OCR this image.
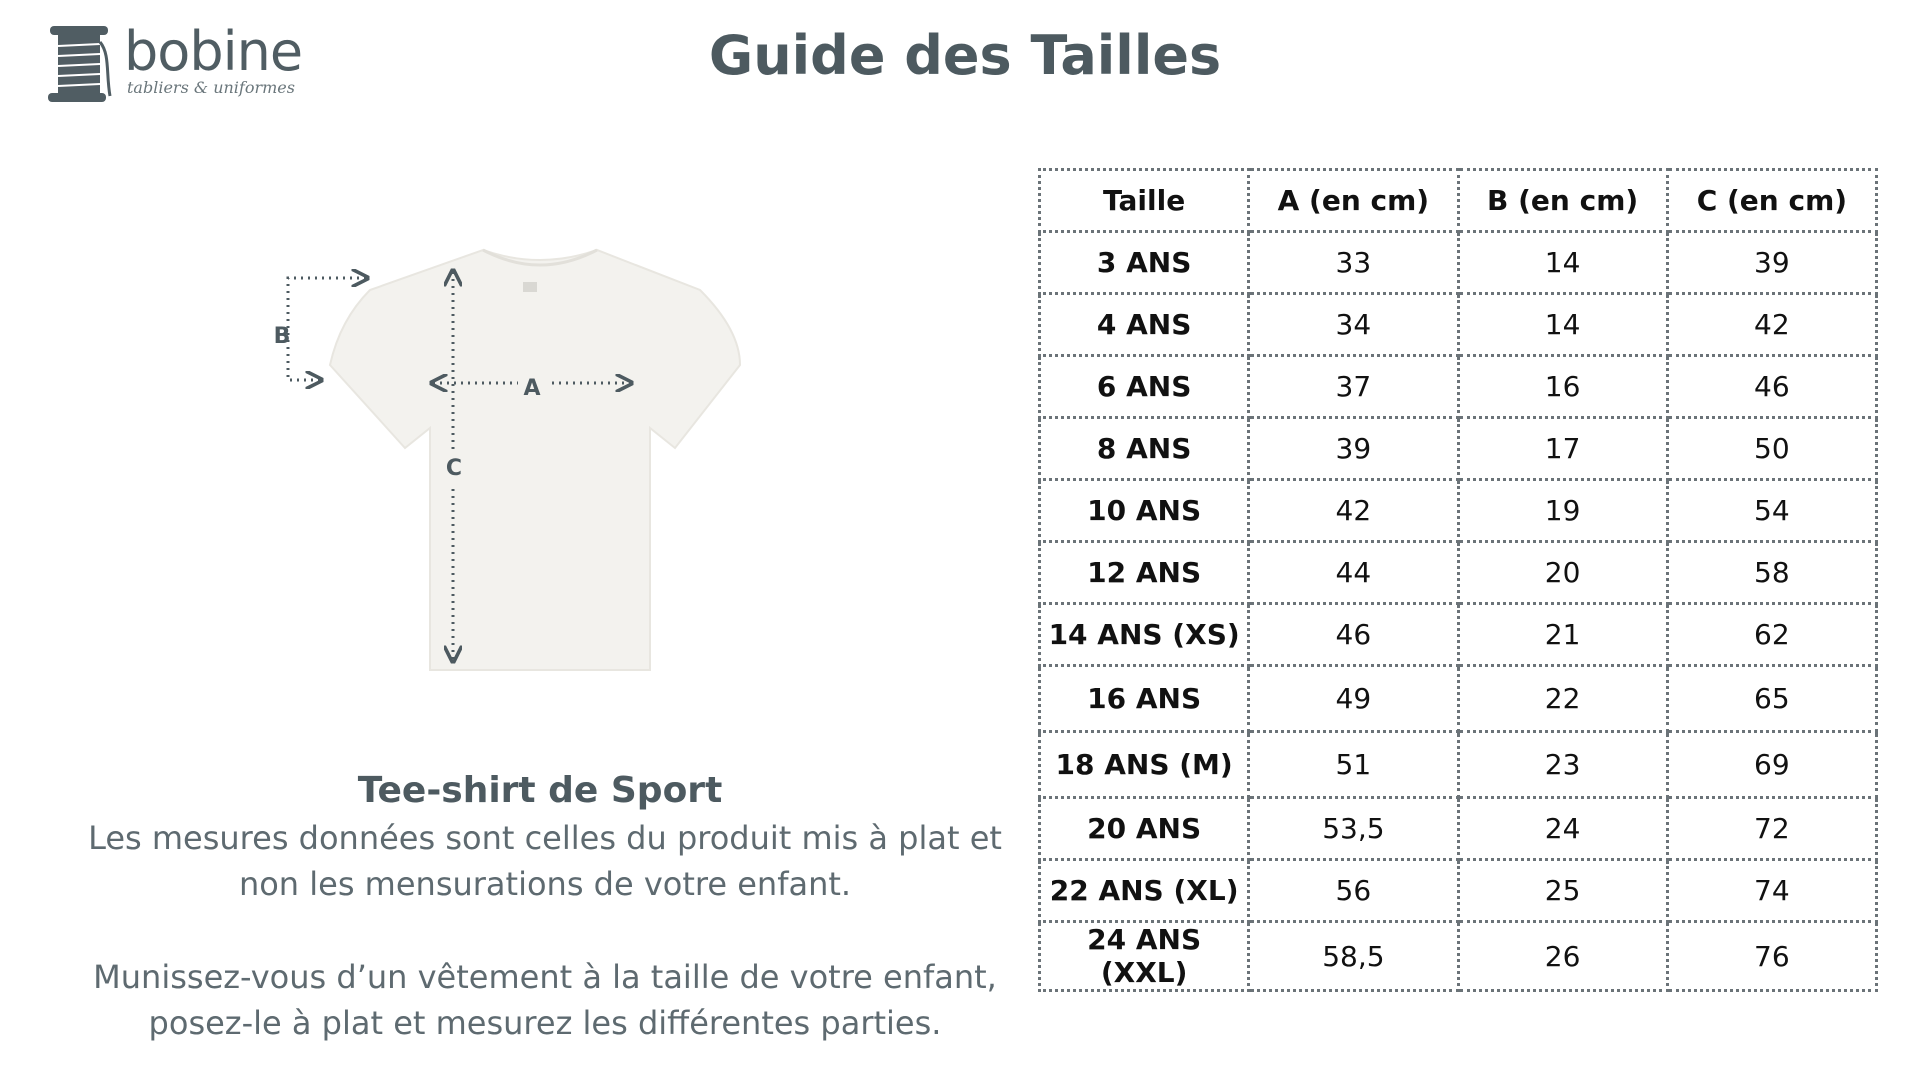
bobine
tabliers & uniformes
Guide des Tailles
A
B
C
Tee-shirt de Sport
Les mesures données sont celles du produit mis à plat et
non les mensurations de votre enfant.
Munissez-vous d’un vêtement à la taille de votre enfant,
posez-le à plat et mesurez les différentes parties.
Taille	A (en cm)	B (en cm)	C (en cm)
3 ANS	33	14	39
4 ANS	34	14	42
6 ANS	37	16	46
8 ANS	39	17	50
10 ANS	42	19	54
12 ANS	44	20	58
14 ANS (XS)	46	21	62
16 ANS	49	22	65
18 ANS (M)	51	23	69
20 ANS	53,5	24	72
22 ANS (XL)	56	25	74
24 ANS (XXL)	58,5	26	76
